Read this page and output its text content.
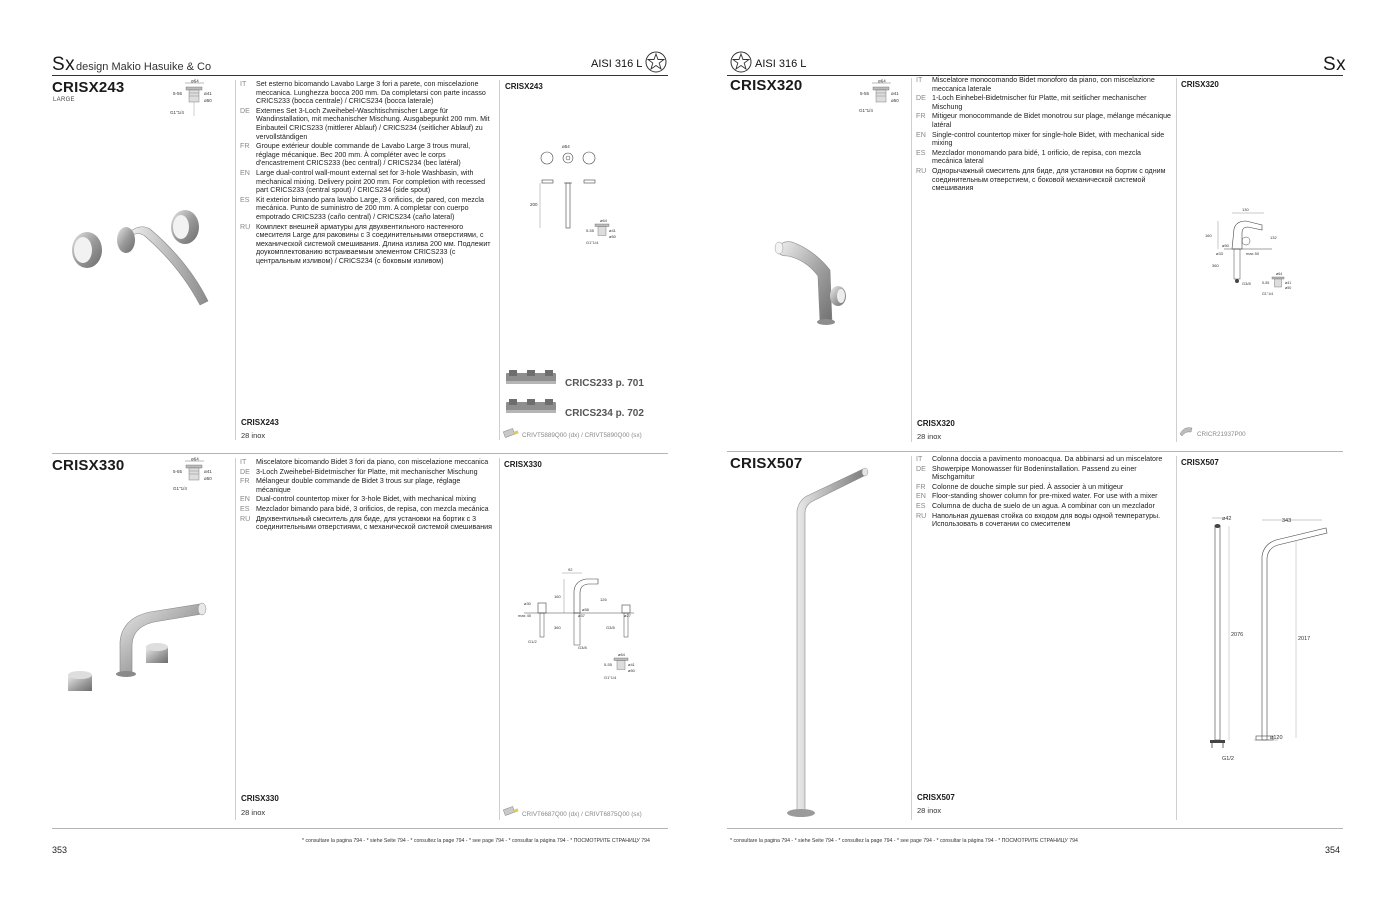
Sx design Makio Hasuike & Co	AISI 316 L
CRISX243
LARGE
ø64
5-55	ø41
ø50
G1"1/4
IT	Set esterno bicomando Lavabo Large 3 fori a parete, con miscelazione meccanica. Lunghezza bocca 200 mm. Da completarsi con parte incasso CRICS233 (bocca centrale) / CRICS234 (bocca laterale)
DE Externes Set 3-Loch Zweihebel-Waschtischmischer Large für Wandinstallation, mit mechanischer Mischung. Ausgabepunkt 200 mm. Mit Einbauteil CRICS233 (mittlerer Ablauf) / CRICS234 (seitlicher Ablauf) zu vervollständigen
FR Groupe extérieur double commande de Lavabo Large 3 trous mural, réglage mécanique. Bec 200 mm. À compléter avec le corps d'encastrement CRICS233 (bec central) / CRICS234 (bec latéral)
EN Large dual-control wall-mount external set for 3-hole Washbasin, with mechanical mixing. Delivery point 200 mm. For completion with recessed part CRICS233 (central spout) / CRICS234 (side spout)
ES Kit exterior bimando para lavabo Large, 3 orificios, de pared, con mezcla mecánica. Punto de suministro de 200 mm. A completar con cuerpo empotrado CRICS233 (caño central) / CRICS234 (caño lateral)
RU Комплект внешней арматуры для двухвентильного настенного смесителя Large для раковины с 3 соединительными отверстиями, с механической системой смешивания. Длина излива 200 мм. Подлежит доукомплектованию встраиваемым элементом CRICS233 (с центральным изливом) / CRICS234 (с боковым изливом)
CRISX243
28 inox
CRISX243
ø54
200
ø64
5-55	ø41
ø50
G1"1/4
CRICS233 p. 701
CRICS234 p. 702
CRIVT5889Q00 (dx) / CRIVT5890Q00 (sx)
CRISX330	ø64
5-55	ø41
ø50
G1"1/4
IT	Miscelatore bicomando Bidet 3 fori da piano, con miscelazione meccanica
DE 3-Loch Zweihebel-Bidetmischer für Platte, mit mechanischer Mischung
FR Mélangeur double commande de Bidet 3 trous sur plage, réglage mécanique
EN Dual-control countertop mixer for 3-hole Bidet, with mechanical mixing
ES Mezclador bimando para bidé, 3 orificios, de repisa, con mezcla mecánica
RU Двухвентильный смеситель для биде, для установки на бортик с 3 соединительными отверстиями, с механической системой смешивания
CRISX330
28 inox
CRISX330
92
160
126
ø30
max 40
ø58
ø37	ø27
360	G3/8
G1/2
G3/8
ø64
5-55	ø41
ø50
G1"1/4
CRIVT6687Q00 (dx) / CRIVT6875Q00 (sx)
* consultare la pagina 794 - * siehe Seite 794 - * consultez la page 794 - * see page 794 - * consultar la página 794 - * ПОСМОТРИТЕ СТРАНИЦУ 794
353
AISI 316 L	Sx
CRISX320	ø64
5-55	ø41
ø50
G1"1/4
IT	Miscelatore monocomando Bidet monoforo da piano, con miscelazione meccanica laterale
DE 1-Loch Einhebel-Bidetmischer für Platte, mit seitlicher mechanischer Mischung
FR Mitigeur monocommande de Bidet monotrou sur plage, mélange mécanique latéral
EN Single-control countertop mixer for single-hole Bidet, with mechanical side mixing
ES Mezclador monomando para bidé, 1 orificio, de repisa, con mezcla mecánica lateral
RU Однорычажный смеситель для биде, для установки на бортик с одним соединительным отверстием, с боковой механической системой смешивания
CRISX320
28 inox
CRISX320
130
160	132
ø50
ø33	max 50
360
G3/8
ø64
5-55	ø41
ø50
G1"1/4
CRICR21937P00
CRISX507	IT	Colonna doccia a pavimento monoacqua. Da abbinarsi ad un miscelatore
DE Showerpipe Monowasser für Bodeninstallation. Passend zu einer Mischgarnitur
FR Colonne de douche simple sur pied. À associer à un mitigeur
EN Floor-standing shower column for pre-mixed water. For use with a mixer
ES Columna de ducha de suelo de un agua. A combinar con un mezclador
RU Напольная душевая стойка со входом для воды одной температуры. Использовать в сочетании со смесителем
CRISX507
28 inox
CRISX507
ø42
G1/2
2076
343
2017
ø120
* consultare la pagina 794 - * siehe Seite 794 - * consultez la page 794 - * see page 794 - * consultar la página 794 - * ПОСМОТРИТЕ СТРАНИЦУ 794
354
